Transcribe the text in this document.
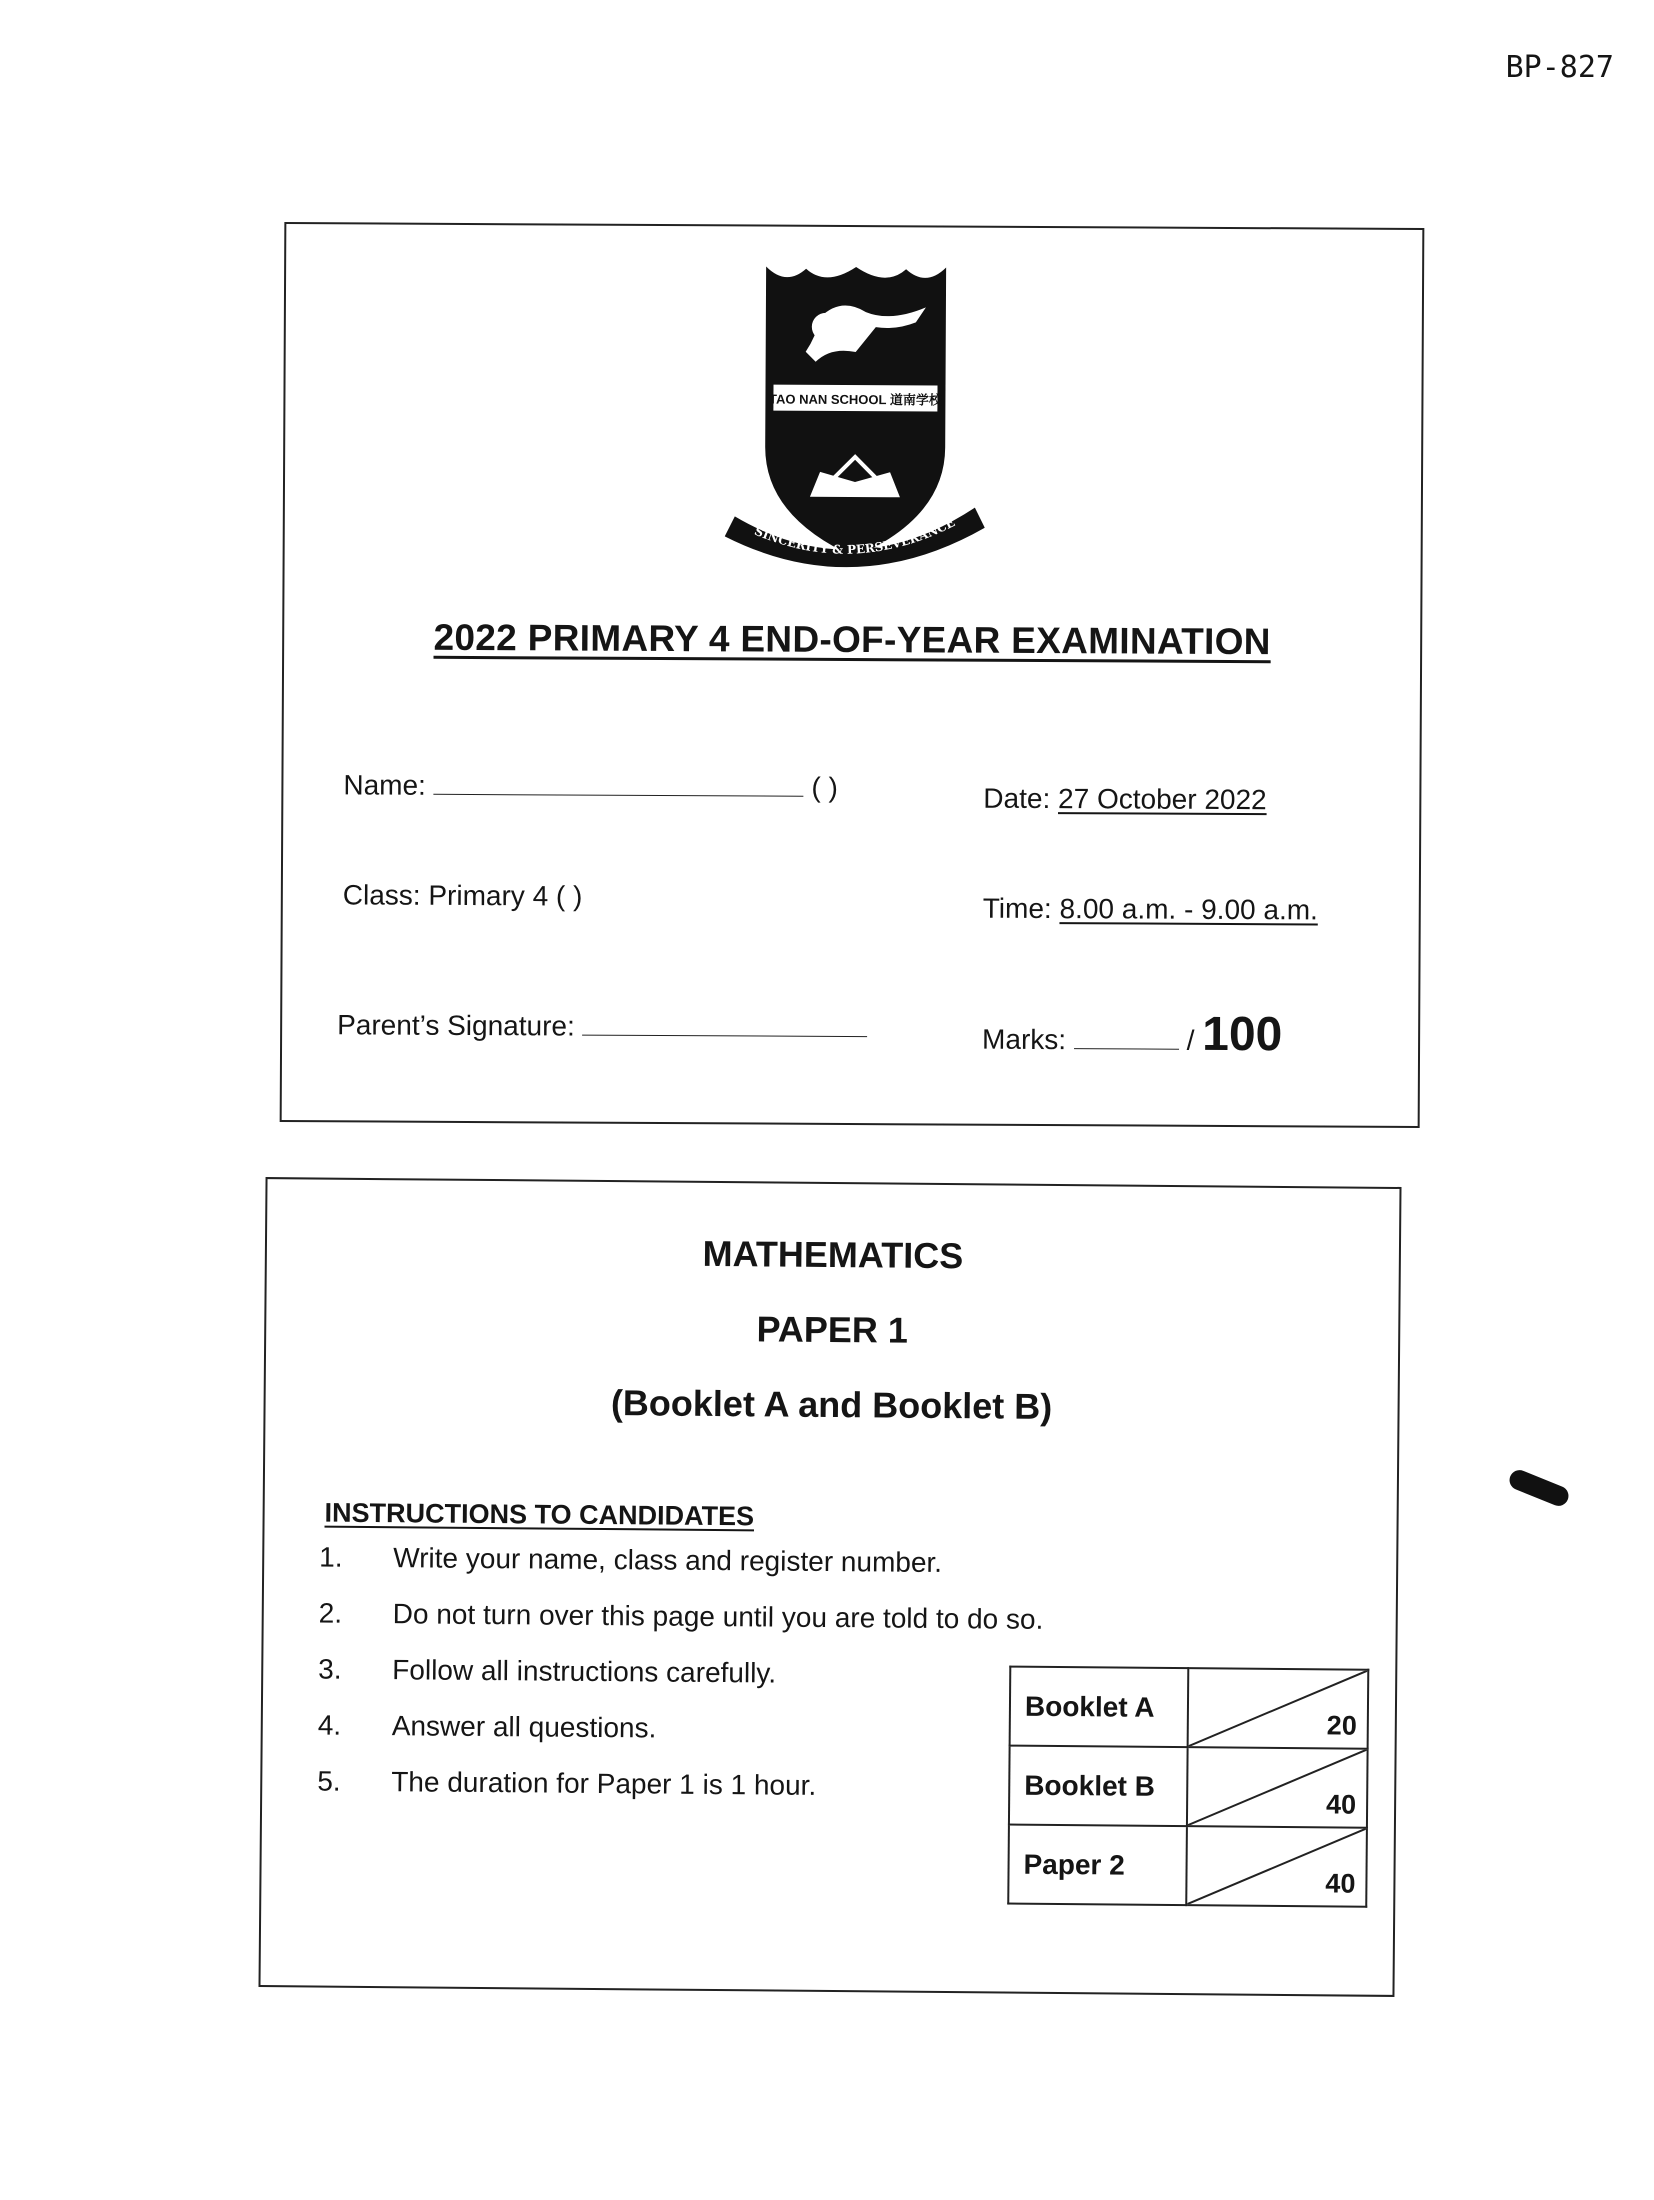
BP-827
TAO NAN SCHOOL 道南学校
SINCERITY & PERSEVERANCE
2022 PRIMARY 4 END-OF-YEAR EXAMINATION
Name:	( )	Date: 27 October 2022
Class: Primary 4 ( )	Time: 8.00 a.m. - 9.00 a.m.
Parent’s Signature:	Marks:	/ 100
MATHEMATICS
PAPER 1
(Booklet A and Booklet B)
INSTRUCTIONS TO CANDIDATES
1.	Write your name, class and register number.
2.	Do not turn over this page until you are told to do so.
3.	Follow all instructions carefully.
4.	Answer all questions.
5.	The duration for Paper 1 is 1 hour.
Booklet A	20

Booklet B	40

Paper 2	40
